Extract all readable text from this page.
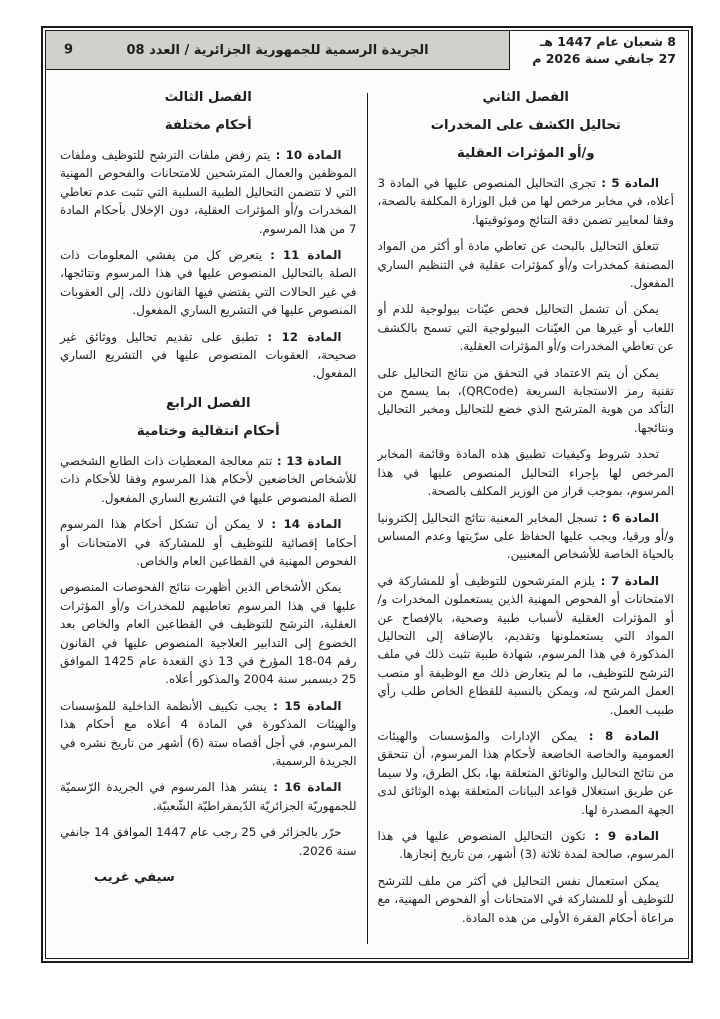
8 شعبان عام 1447 هـ
27 جانفي سنة 2026 م
الجريدة الرسمية للجمهورية الجزائرية / العدد 08
9
الفصل الثاني
تحاليل الكشف على المخدرات
و/أو المؤثرات العقلية

المادة 5 : تجرى التحاليل المنصوص عليها في المادة 3 أعلاه، في مخابر مرخص لها من قبل الوزارة المكلفة بالصحة، وفقا لمعايير تضمن دقة النتائج وموثوقيتها.

تتعلق التحاليل بالبحث عن تعاطي مادة أو أكثر من المواد المصنفة كمخدرات و/أو كمؤثرات عقلية في التنظيم الساري المفعول.

يمكن أن تشمل التحاليل فحص عيّنات بيولوجية للدم أو اللعاب أو غيرها من العيّنات البيولوجية التي تسمح بالكشف عن تعاطي المخدرات و/أو المؤثرات العقلية.

يمكن أن يتم الاعتماد في التحقق من نتائج التحاليل على تقنية رمز الاستجابة السريعة (QRCode)، بما يسمح من التأكد من هوية المترشح الذي خضع للتحاليل ومخبر التحاليل ونتائجها.

تحدد شروط وكيفيات تطبيق هذه المادة وقائمة المخابر المرخص لها بإجراء التحاليل المنصوص عليها في هذا المرسوم، بموجب قرار من الوزير المكلف بالصحة.

المادة 6 : تسجل المخابر المعنية نتائج التحاليل إلكترونيا و/أو ورقيا، ويجب عليها الحفاظ على سرّيتها وعدم المساس بالحياة الخاصة للأشخاص المعنيين.

المادة 7 : يلزم المترشحون للتوظيف أو للمشاركة في الامتحانات أو الفحوص المهنية الذين يستعملون المخدرات و/أو المؤثرات العقلية لأسباب طبية وصحية، بالإفصاح عن المواد التي يستعملونها وتقديم، بالإضافة إلى التحاليل المذكورة في هذا المرسوم، شهادة طبية تثبت ذلك في ملف الترشح للتوظيف، ما لم يتعارض ذلك مع الوظيفة أو منصب العمل المرشح له، ويمكن بالنسبة للقطاع الخاص طلب رأي طبيب العمل.

المادة 8 : يمكن الإدارات والمؤسسات والهيئات العمومية والخاصة الخاضعة لأحكام هذا المرسوم، أن تتحقق من نتائج التحاليل والوثائق المتعلقة بها، بكل الطرق، ولا سيما عن طريق استغلال قواعد البيانات المتعلقة بهذه الوثائق لدى الجهة المصدرة لها.

المادة 9 : تكون التحاليل المنصوص عليها في هذا المرسوم، صالحة لمدة ثلاثة (3) أشهر، من تاريخ إنجازها.

يمكن استعمال نفس التحاليل في أكثر من ملف للترشح للتوظيف أو للمشاركة في الامتحانات أو الفحوص المهنية، مع مراعاة أحكام الفقرة الأولى من هذه المادة.

الفصل الثالث
أحكام مختلفة

المادة 10 : يتم رفض ملفات الترشح للتوظيف وملفات الموظفين والعمال المترشحين للامتحانات والفحوص المهنية التي لا تتضمن التحاليل الطبية السلبية التي تثبت عدم تعاطي المخدرات و/أو المؤثرات العقلية، دون الإخلال بأحكام المادة 7 من هذا المرسوم.

المادة 11 : يتعرض كل من يفشي المعلومات ذات الصلة بالتحاليل المنصوص عليها في هذا المرسوم ونتائجها، في غير الحالات التي يقتضي فيها القانون ذلك، إلى العقوبات المنصوص عليها في التشريع الساري المفعول.

المادة 12 : تطبق على تقديم تحاليل ووثائق غير صحيحة، العقوبات المنصوص عليها في التشريع الساري المفعول.

الفصل الرابع
أحكام انتقالية وختامية

المادة 13 : تتم معالجة المعطيات ذات الطابع الشخصي للأشخاص الخاضعين لأحكام هذا المرسوم وفقا للأحكام ذات الصلة المنصوص عليها في التشريع الساري المفعول.

المادة 14 : لا يمكن أن تشكل أحكام هذا المرسوم أحكاما إقصائية للتوظيف أو للمشاركة في الامتحانات أو الفحوص المهنية في القطاعين العام والخاص.

يمكن الأشخاص الذين أظهرت نتائج الفحوصات المنصوص عليها في هذا المرسوم تعاطيهم للمخدرات و/أو المؤثرات العقلية، الترشح للتوظيف في القطاعين العام والخاص بعد الخضوع إلى التدابير العلاجية المنصوص عليها في القانون رقم 04-18 المؤرخ في 13 ذي القعدة عام 1425 الموافق 25 ديسمبر سنة 2004 والمذكور أعلاه.

المادة 15 : يجب تكييف الأنظمة الداخلية للمؤسسات والهيئات المذكورة في المادة 4 أعلاه مع أحكام هذا المرسوم، في أجل أقصاه ستة (6) أشهر من تاريخ نشره في الجريدة الرسمية.

المادة 16 : ينشر هذا المرسوم في الجريدة الرّسميّة للجمهوريّة الجزائريّة الدّيمقراطيّة الشّعبيّة.

حرّر بالجزائر في 25 رجب عام 1447 الموافق 14 جانفي سنة 2026.

سيفي غريب
